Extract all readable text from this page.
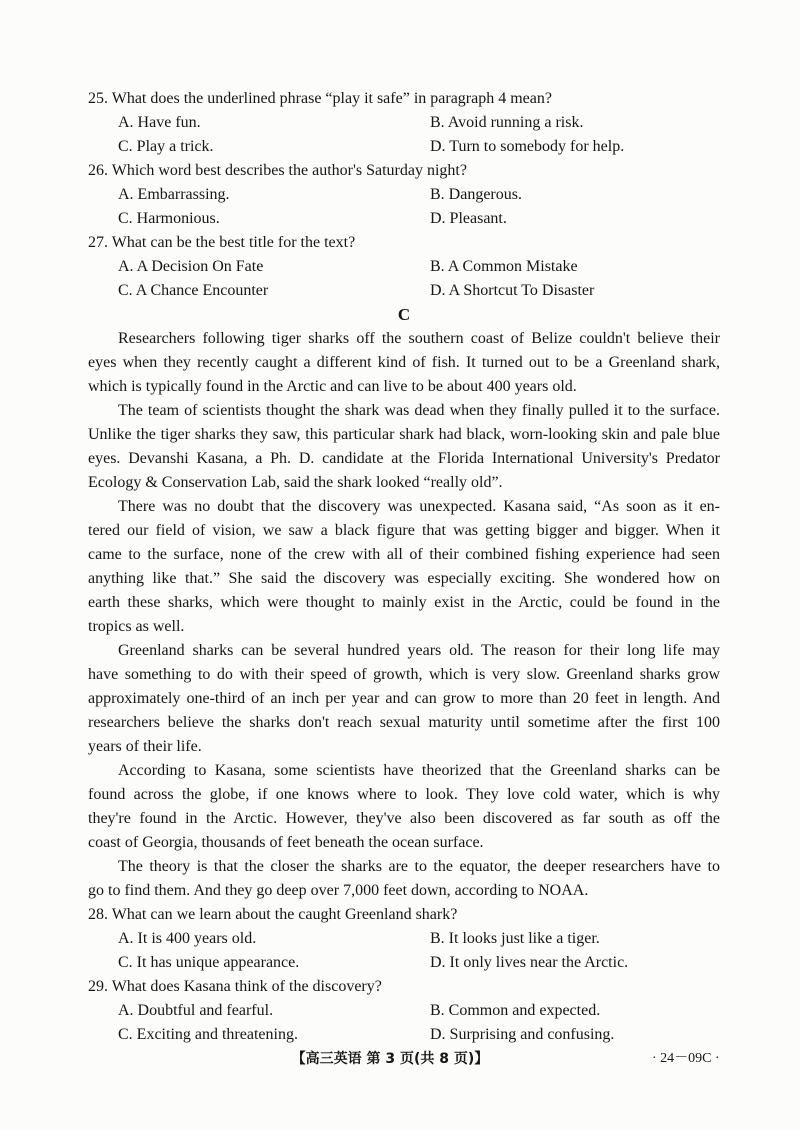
25. What does the underlined phrase “play it safe” in paragraph 4 mean?
A. Have fun.	B. Avoid running a risk.
C. Play a trick.	D. Turn to somebody for help.
26. Which word best describes the author's Saturday night?
A. Embarrassing.	B. Dangerous.
C. Harmonious.	D. Pleasant.
27. What can be the best title for the text?
A. A Decision On Fate	B. A Common Mistake
C. A Chance Encounter	D. A Shortcut To Disaster
C
Researchers following tiger sharks off the southern coast of Belize couldn't believe their
eyes when they recently caught a different kind of fish. It turned out to be a Greenland shark,
which is typically found in the Arctic and can live to be about 400 years old.
The team of scientists thought the shark was dead when they finally pulled it to the surface.
Unlike the tiger sharks they saw, this particular shark had black, worn-looking skin and pale blue
eyes. Devanshi Kasana, a Ph. D. candidate at the Florida International University's Predator
Ecology & Conservation Lab, said the shark looked “really old”.
There was no doubt that the discovery was unexpected. Kasana said, “As soon as it en-
tered our field of vision, we saw a black figure that was getting bigger and bigger. When it
came to the surface, none of the crew with all of their combined fishing experience had seen
anything like that.” She said the discovery was especially exciting. She wondered how on
earth these sharks, which were thought to mainly exist in the Arctic, could be found in the
tropics as well.
Greenland sharks can be several hundred years old. The reason for their long life may
have something to do with their speed of growth, which is very slow. Greenland sharks grow
approximately one-third of an inch per year and can grow to more than 20 feet in length. And
researchers believe the sharks don't reach sexual maturity until sometime after the first 100
years of their life.
According to Kasana, some scientists have theorized that the Greenland sharks can be
found across the globe, if one knows where to look. They love cold water, which is why
they're found in the Arctic. However, they've also been discovered as far south as off the
coast of Georgia, thousands of feet beneath the ocean surface.
The theory is that the closer the sharks are to the equator, the deeper researchers have to
go to find them. And they go deep over 7,000 feet down, according to NOAA.
28. What can we learn about the caught Greenland shark?
A. It is 400 years old.	B. It looks just like a tiger.
C. It has unique appearance.	D. It only lives near the Arctic.
29. What does Kasana think of the discovery?
A. Doubtful and fearful.	B. Common and expected.
C. Exciting and threatening.	D. Surprising and confusing.
【高三英语 第 3 页(共 8 页)】	· 24－09C ·
